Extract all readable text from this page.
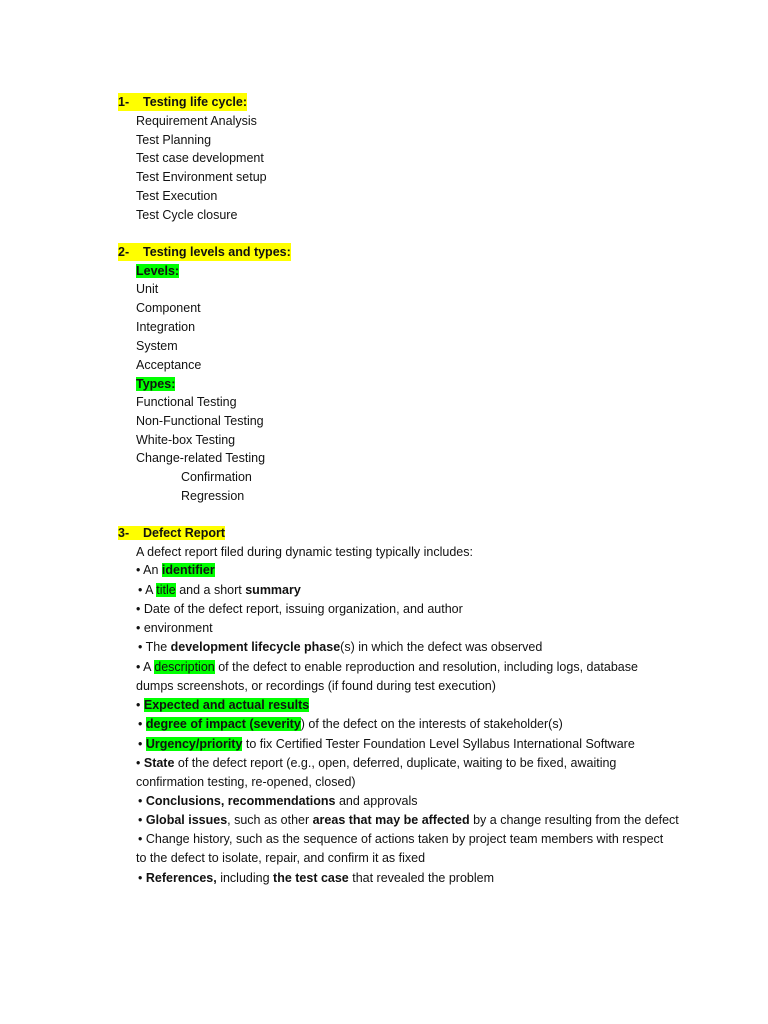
1- Testing life cycle:
Requirement Analysis
Test Planning
Test case development
Test Environment setup
Test Execution
Test Cycle closure
2- Testing levels and types:
Levels:
Unit
Component
Integration
System
Acceptance
Types:
Functional Testing
Non-Functional Testing
White-box Testing
Change-related Testing
Confirmation
Regression
3- Defect Report
A defect report filed during dynamic testing typically includes:
• An identifier
• A title and a short summary
• Date of the defect report, issuing organization, and author
• environment
• The development lifecycle phase(s) in which the defect was observed
• A description of the defect to enable reproduction and resolution, including logs, database
dumps screenshots, or recordings (if found during test execution)
• Expected and actual results
• degree of impact (severity) of the defect on the interests of stakeholder(s)
• Urgency/priority to fix Certified Tester Foundation Level Syllabus International Software
• State of the defect report (e.g., open, deferred, duplicate, waiting to be fixed, awaiting
confirmation testing, re-opened, closed)
• Conclusions, recommendations and approvals
• Global issues, such as other areas that may be affected by a change resulting from the defect
• Change history, such as the sequence of actions taken by project team members with respect
to the defect to isolate, repair, and confirm it as fixed
• References, including the test case that revealed the problem
